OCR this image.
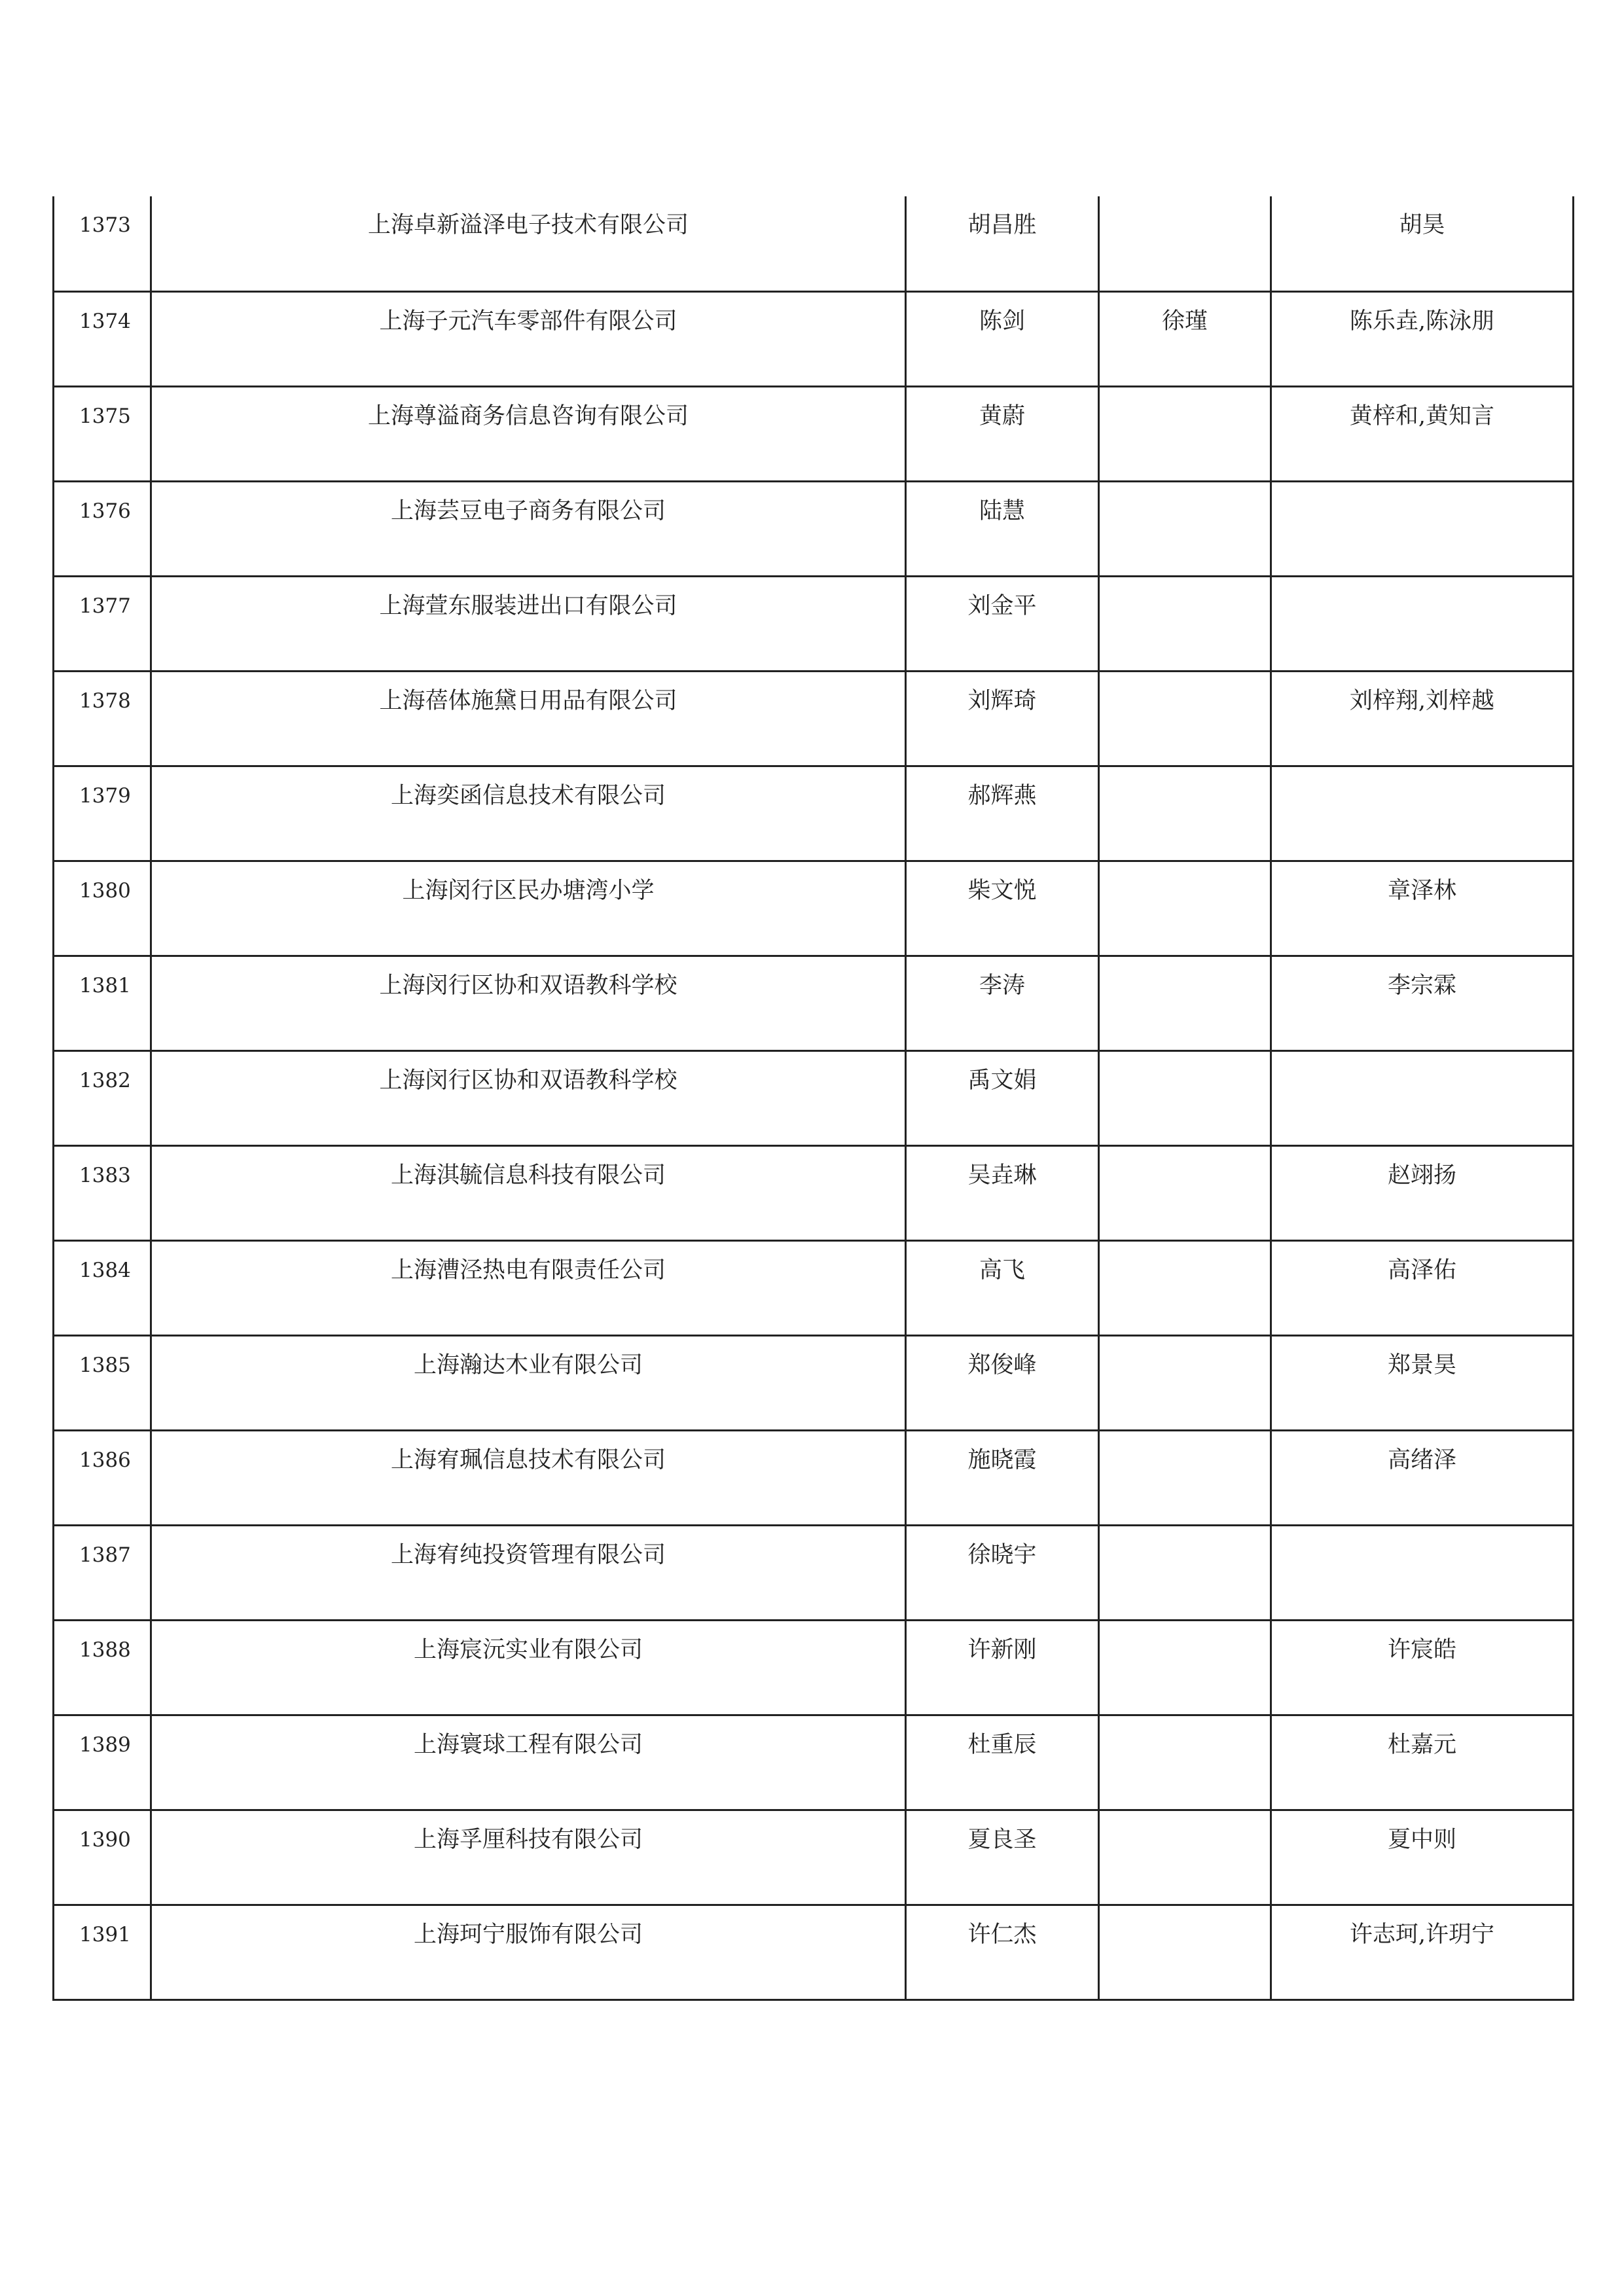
1373	上海卓新溢泽电子技术有限公司	胡昌胜		胡昊
1374	上海子元汽车零部件有限公司	陈剑	徐瑾	陈乐垚,陈泳朋
1375	上海尊溢商务信息咨询有限公司	黄蔚		黄梓和,黄知言
1376	上海芸豆电子商务有限公司	陆慧		
1377	上海萱东服装进出口有限公司	刘金平		
1378	上海蓓体施黛日用品有限公司	刘辉琦		刘梓翔,刘梓越
1379	上海奕函信息技术有限公司	郝辉燕		
1380	上海闵行区民办塘湾小学	柴文悦		章泽林
1381	上海闵行区协和双语教科学校	李涛		李宗霖
1382	上海闵行区协和双语教科学校	禹文娟		
1383	上海淇毓信息科技有限公司	吴垚琳		赵翊扬
1384	上海漕泾热电有限责任公司	高飞		高泽佑
1385	上海瀚达木业有限公司	郑俊峰		郑景昊
1386	上海宥珮信息技术有限公司	施晓霞		高绪泽
1387	上海宥纯投资管理有限公司	徐晓宇		
1388	上海宸沅实业有限公司	许新刚		许宸皓
1389	上海寰球工程有限公司	杜重辰		杜嘉元
1390	上海孚厘科技有限公司	夏良圣		夏中则
1391	上海珂宁服饰有限公司	许仁杰		许志珂,许玥宁
